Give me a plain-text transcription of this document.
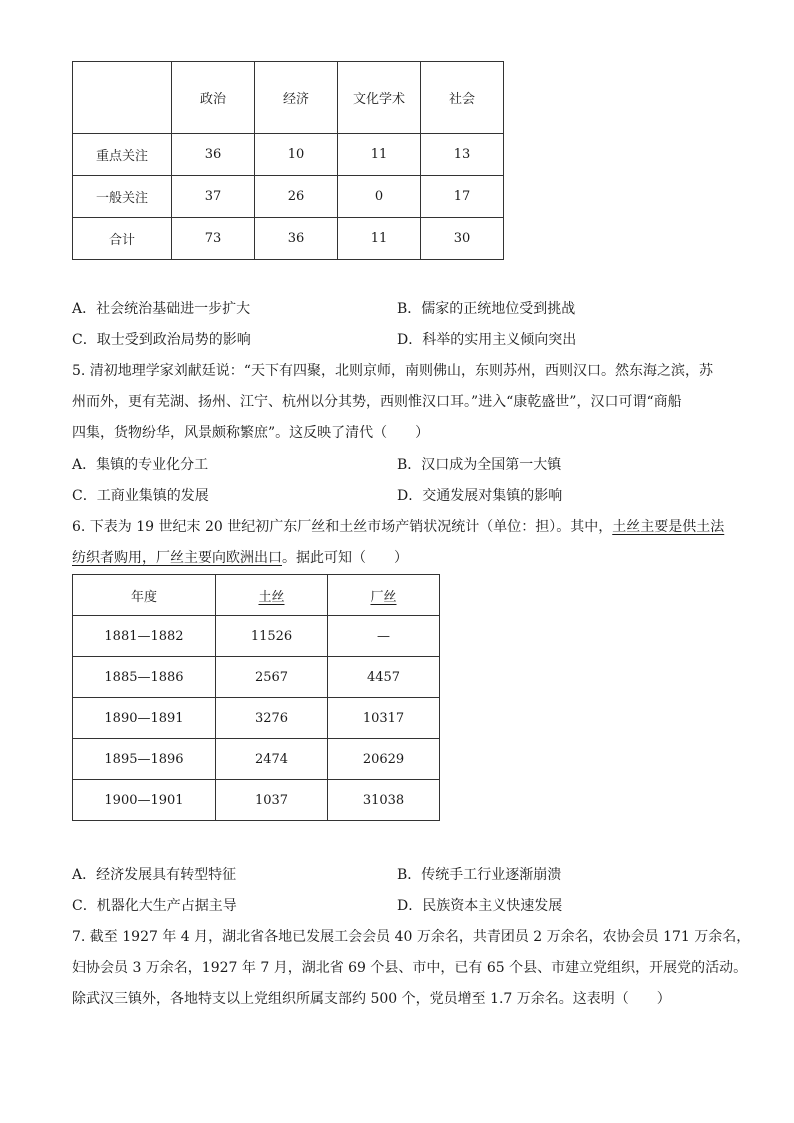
	政治	经济	文化学术	社会
重点关注	36	10	11	13
一般关注	37	26	0	17
合计	73	36	11	30
A．社会统治基础进一步扩大	B．儒家的正统地位受到挑战
C．取士受到政治局势的影响	D．科举的实用主义倾向突出
5. 清初地理学家刘献廷说：“天下有四聚，北则京师，南则佛山，东则苏州，西则汉口。然东海之滨，苏
州而外，更有芜湖、扬州、江宁、杭州以分其势，西则惟汉口耳。”进入“康乾盛世”，汉口可谓“商船
四集，货物纷华，风景颇称繁庶”。这反映了清代（　　）
A．集镇的专业化分工	B．汉口成为全国第一大镇
C．工商业集镇的发展	D．交通发展对集镇的影响
6. 下表为 19 世纪末 20 世纪初广东厂丝和土丝市场产销状况统计（单位：担）。其中，土丝主要是供土法
纺织者购用，厂丝主要向欧洲出口。据此可知（　　）
年度	土丝	厂丝
1881—1882	11526	—
1885—1886	2567	4457
1890—1891	3276	10317
1895—1896	2474	20629
1900—1901	1037	31038
A．经济发展具有转型特征	B．传统手工行业逐渐崩溃
C．机器化大生产占据主导	D．民族资本主义快速发展
7. 截至 1927 年 4 月，湖北省各地已发展工会会员 40 万余名，共青团员 2 万余名，农协会员 171 万余名，
妇协会员 3 万余名，1927 年 7 月，湖北省 69 个县、市中，已有 65 个县、市建立党组织，开展党的活动。
除武汉三镇外，各地特支以上党组织所属支部约 500 个，党员增至 1.7 万余名。这表明（　　）
